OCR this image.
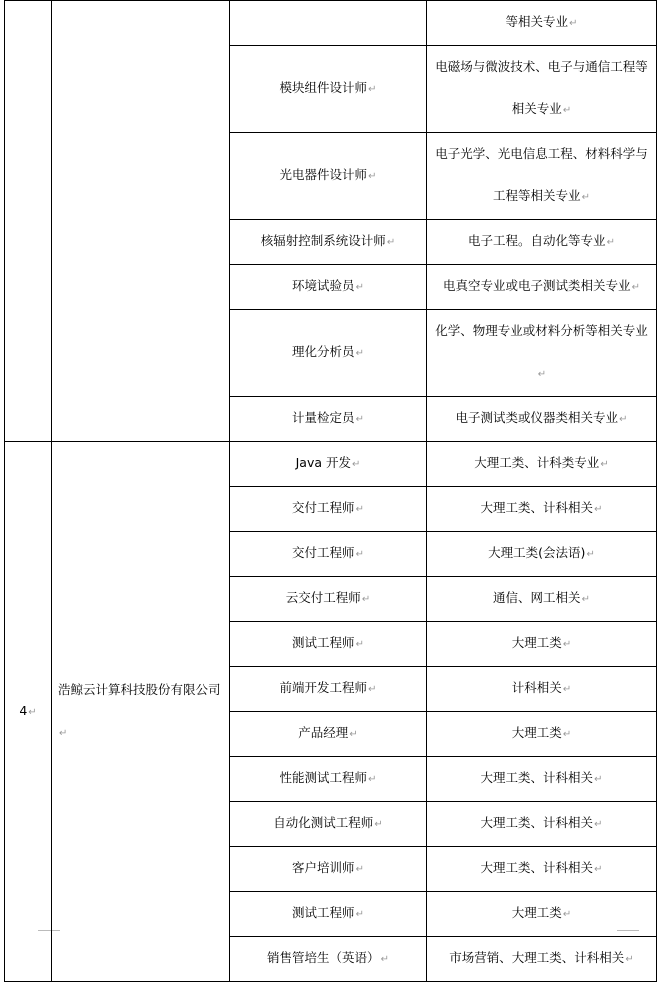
			等相关专业↵
		模块组件设计师↵	电磁场与微波技术、电子与通信工程等相关专业↵
		光电器件设计师↵	电子光学、光电信息工程、材料科学与工程等相关专业↵
		核辐射控制系统设计师↵	电子工程。自动化等专业↵
		环境试验员↵	电真空专业或电子测试类相关专业↵
		理化分析员↵	化学、物理专业或材料分析等相关专业↵
		计量检定员↵	电子测试类或仪器类相关专业↵
4↵	浩鲸云计算科技股份有限公司↵	Java 开发↵	大理工类、计科类专业↵
		交付工程师↵	大理工类、计科相关↵
		交付工程师↵	大理工类(会法语)↵
		云交付工程师↵	通信、网工相关↵
		测试工程师↵	大理工类↵
		前端开发工程师↵	计科相关↵
		产品经理↵	大理工类↵
		性能测试工程师↵	大理工类、计科相关↵
		自动化测试工程师↵	大理工类、计科相关↵
		客户培训师↵	大理工类、计科相关↵
		测试工程师↵	大理工类↵
		销售管培生（英语）↵	市场营销、大理工类、计科相关↵
